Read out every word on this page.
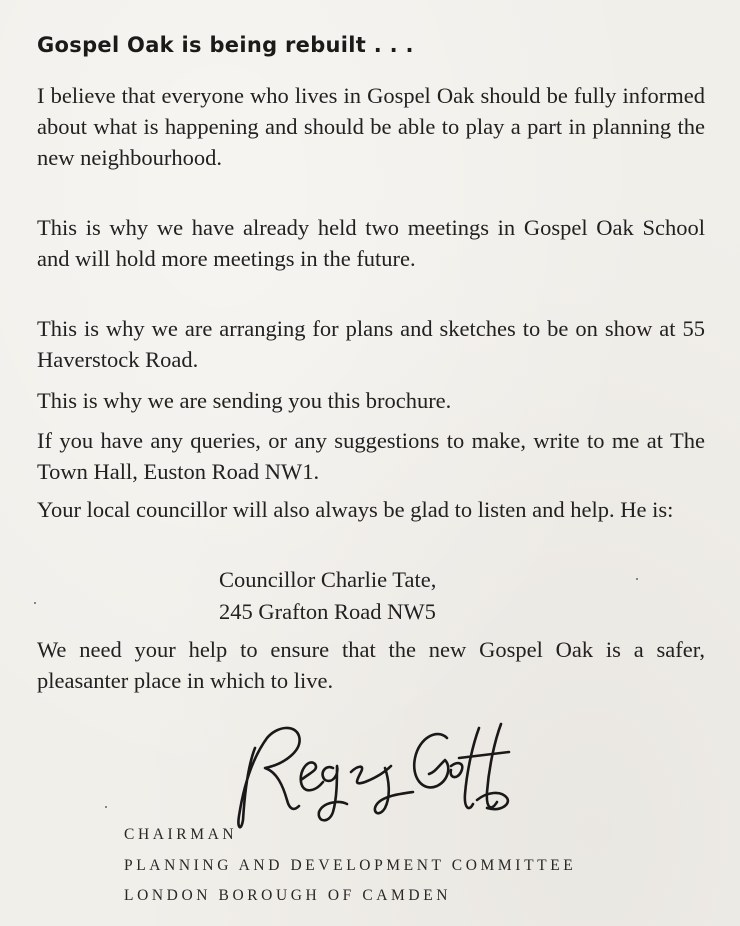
Gospel Oak is being rebuilt . . .
I believe that everyone who lives in Gospel Oak should be fully informed about what is happening and should be able to play a part in planning the new neighbourhood.
This is why we have already held two meetings in Gospel Oak School and will hold more meetings in the future.
This is why we are arranging for plans and sketches to be on show at 55 Haverstock Road.
This is why we are sending you this brochure.
If you have any queries, or any suggestions to make, write to me at The Town Hall, Euston Road NW1.
Your local councillor will also always be glad to listen and help. He is:
Councillor Charlie Tate,
245 Grafton Road NW5
We need your help to ensure that the new Gospel Oak is a safer, pleasanter place in which to live.
Reginald Goff
CHAIRMAN
PLANNING AND DEVELOPMENT COMMITTEE
LONDON BOROUGH OF CAMDEN
